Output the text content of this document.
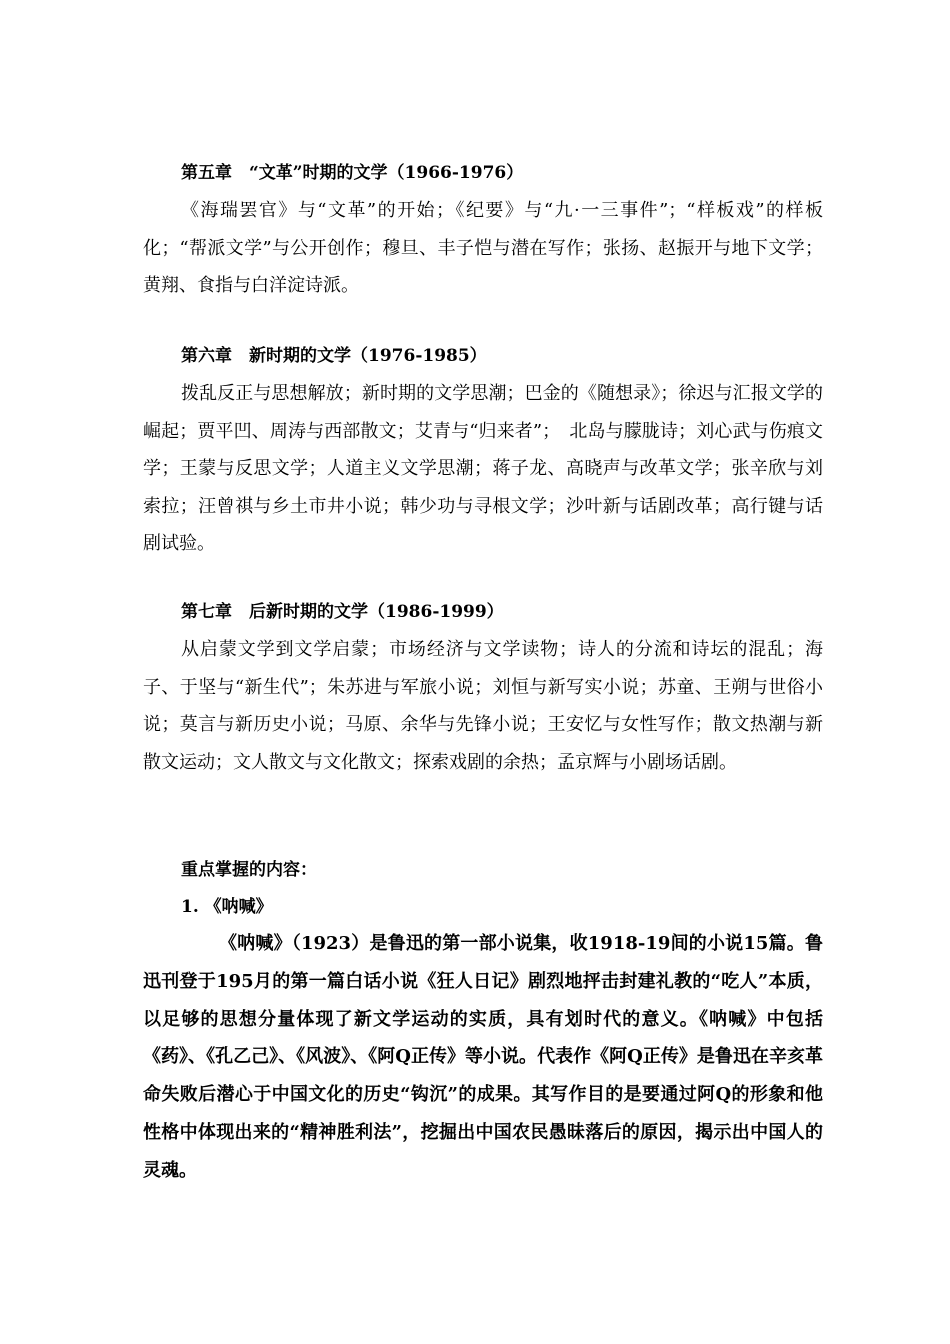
第五章　“文革”时期的文学（1966-1976）

《海瑞罢官》与“文革”的开始；《纪要》与“九·一三事件”；“样板戏”的样板化；“帮派文学”与公开创作；穆旦、丰子恺与潜在写作；张扬、赵振开与地下文学；黄翔、食指与白洋淀诗派。

第六章　新时期的文学（1976-1985）

拨乱反正与思想解放；新时期的文学思潮；巴金的《随想录》；徐迟与汇报文学的崛起；贾平凹、周涛与西部散文；艾青与“归来者”；　北岛与朦胧诗；刘心武与伤痕文学；王蒙与反思文学；人道主义文学思潮；蒋子龙、高晓声与改革文学；张辛欣与刘索拉；汪曾祺与乡土市井小说；韩少功与寻根文学；沙叶新与话剧改革；高行键与话剧试验。

第七章　后新时期的文学（1986-1999）

从启蒙文学到文学启蒙；市场经济与文学读物；诗人的分流和诗坛的混乱；海子、于坚与“新生代”；朱苏进与军旅小说；刘恒与新写实小说；苏童、王朔与世俗小说；莫言与新历史小说；马原、余华与先锋小说；王安忆与女性写作；散文热潮与新散文运动；文人散文与文化散文；探索戏剧的余热；孟京辉与小剧场话剧。

重点掌握的内容：

1. 《呐喊》

《呐喊》（1923）是鲁迅的第一部小说集，收1918-19间的小说15篇。鲁迅刊登于195月的第一篇白话小说《狂人日记》剧烈地抨击封建礼教的“吃人”本质，以足够的思想分量体现了新文学运动的实质，具有划时代的意义。《呐喊》中包括《药》、《孔乙己》、《风波》、《阿Q正传》等小说。代表作《阿Q正传》是鲁迅在辛亥革命失败后潜心于中国文化的历史“钩沉”的成果。其写作目的是要通过阿Q的形象和他性格中体现出来的“精神胜利法”，挖掘出中国农民愚昧落后的原因，揭示出中国人的灵魂。
